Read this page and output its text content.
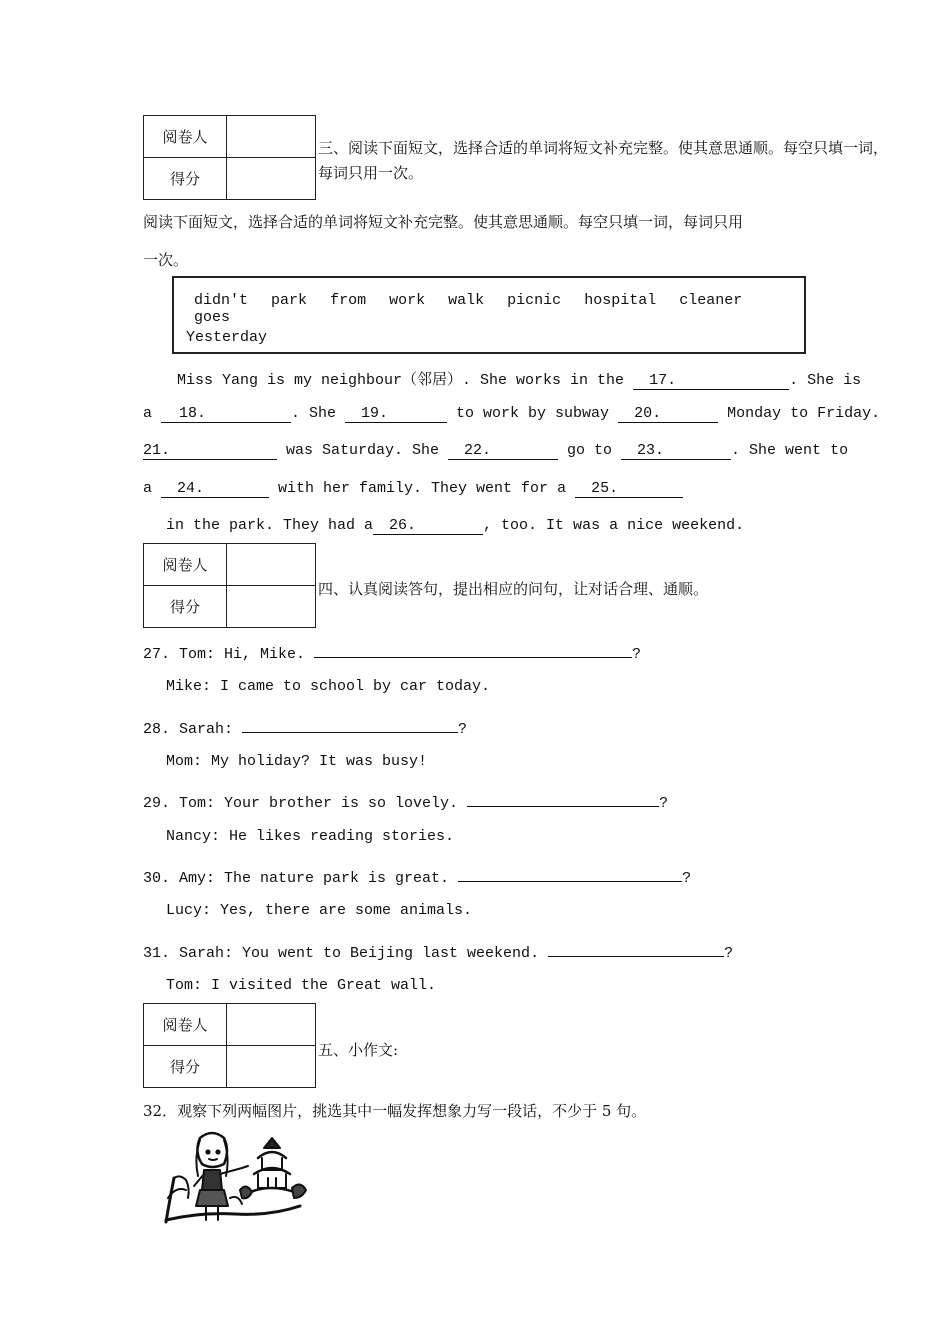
阅卷人	
得分	
三、阅读下面短文，选择合适的单词将短文补充完整。使其意思通顺。每空只填一词，
每词只用一次。
阅读下面短文，选择合适的单词将短文补充完整。使其意思通顺。每空只填一词，每词只用
一次。
didn't park from work walk picnic hospital cleaner goes
Yesterday
Miss Yang is my neighbour（邻居）. She works in the 17.	. She is
a 18.	. She 19.	to work by subway 20.	Monday to Friday.
21.	was Saturday. She 22.	go to 23.	. She went to
a 24.	with her family. They went for a 25.
in the park. They had a 26.	, too. It was a nice weekend.
阅卷人	
得分	
四、认真阅读答句，提出相应的问句，让对话合理、通顺。
27. Tom: Hi, Mike.	?
Mike: I came to school by car today.
28. Sarah:	?
Mom: My holiday? It was busy!
29. Tom: Your brother is so lovely.	?
Nancy: He likes reading stories.
30. Amy: The nature park is great.	?
Lucy: Yes, there are some animals.
31. Sarah: You went to Beijing last weekend.	?
Tom: I visited the Great wall.
阅卷人	
得分	
五、小作文:
32．观察下列两幅图片，挑选其中一幅发挥想象力写一段话，不少于 5 句。
